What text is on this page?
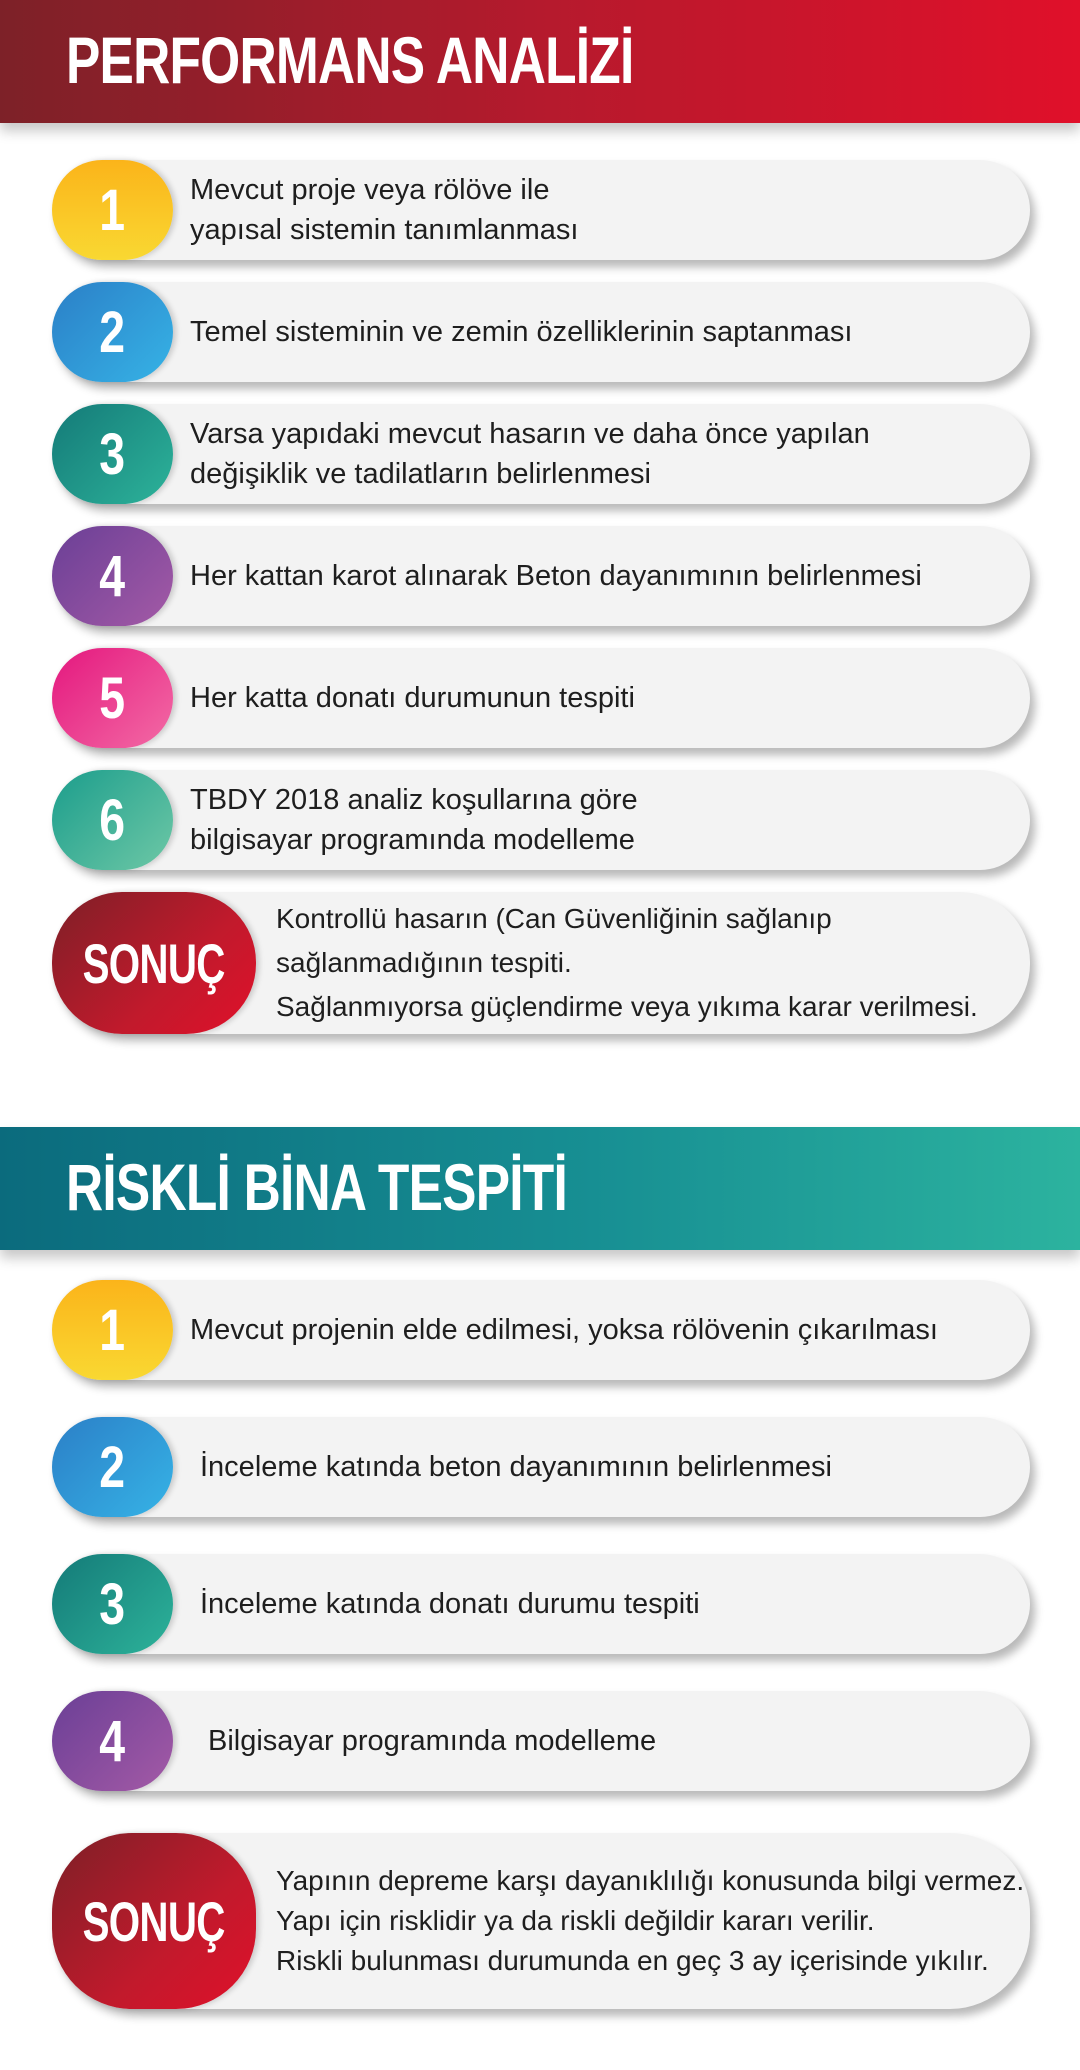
PERFORMANS ANALİZİ
1 Mevcut proje veya rölöve ile
yapısal sistemin tanımlanması
2 Temel sisteminin ve zemin özelliklerinin saptanması
3 Varsa yapıdaki mevcut hasarın ve daha önce yapılan
değişiklik ve tadilatların belirlenmesi
4 Her kattan karot alınarak Beton dayanımının belirlenmesi
5 Her katta donatı durumunun tespiti
6 TBDY 2018 analiz koşullarına göre
bilgisayar programında modelleme
SONUÇ
Kontrollü hasarın (Can Güvenliğinin sağlanıp
sağlanmadığının tespiti.
Sağlanmıyorsa güçlendirme veya yıkıma karar verilmesi.
RİSKLİ BİNA TESPİTİ
1 Mevcut projenin elde edilmesi, yoksa rölövenin çıkarılması
2	İnceleme katında beton dayanımının belirlenmesi
3	İnceleme katında donatı durumu tespiti
4	Bilgisayar programında modelleme
SONUÇ
Yapının depreme karşı dayanıklılığı konusunda bilgi vermez.
Yapı için risklidir ya da riskli değildir kararı verilir.
Riskli bulunması durumunda en geç 3 ay içerisinde yıkılır.
